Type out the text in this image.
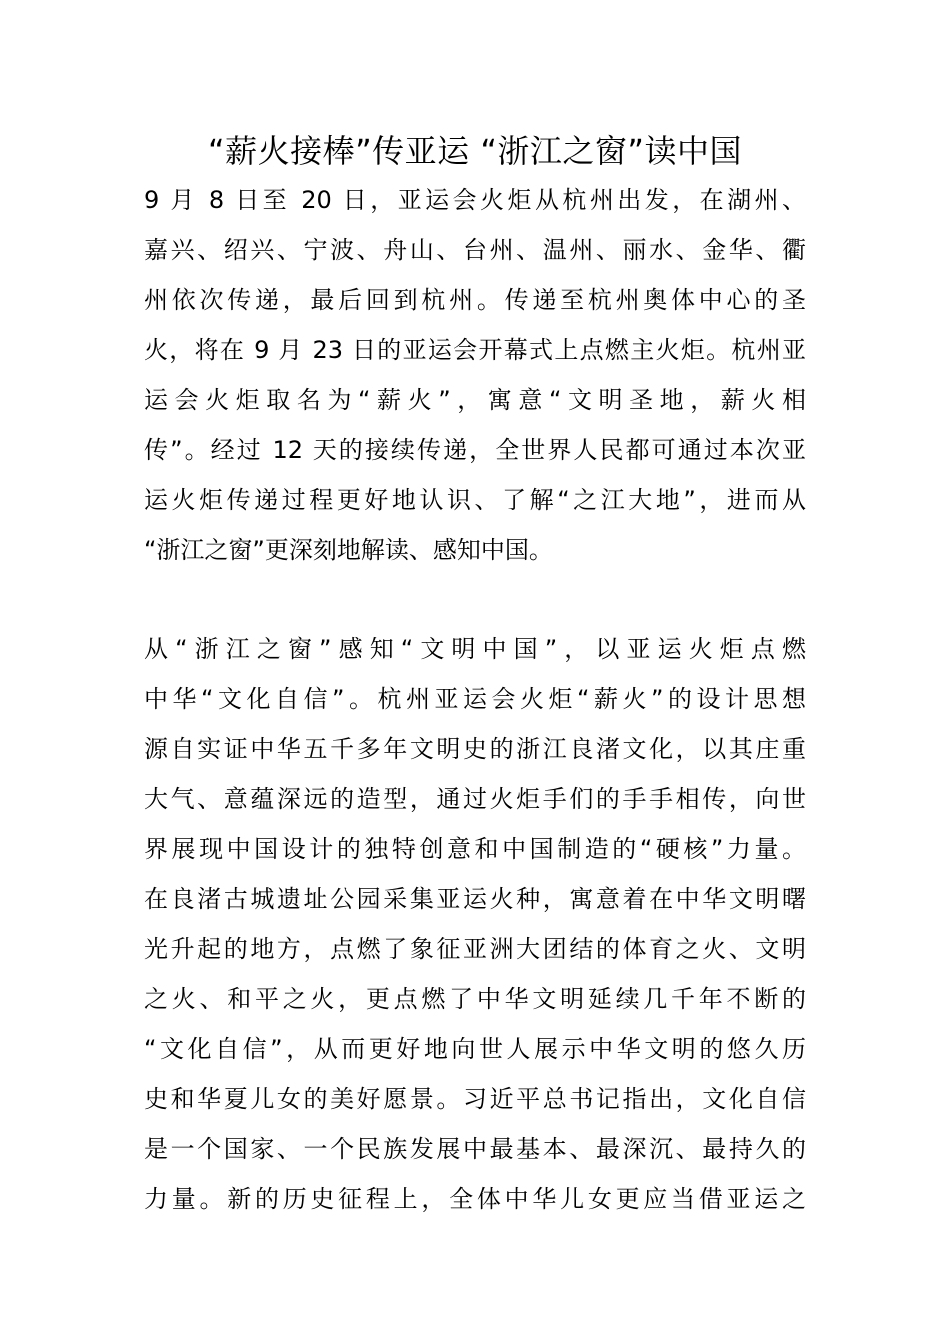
“薪火接棒”传亚运 “浙江之窗”读中国
9 月 8 日至 20 日，亚运会火炬从杭州出发，在湖州、
嘉兴、绍兴、宁波、舟山、台州、温州、丽水、金华、衢
州依次传递，最后回到杭州。传递至杭州奥体中心的圣
火，将在 9 月 23 日的亚运会开幕式上点燃主火炬。杭州亚
运会火炬取名为“薪火”，寓意“文明圣地，薪火相
传”。经过 12 天的接续传递，全世界人民都可通过本次亚
运火炬传递过程更好地认识、了解“之江大地”，进而从
“浙江之窗”更深刻地解读、感知中国。
从“浙江之窗”感知“文明中国”，以亚运火炬点燃
中华“文化自信”。杭州亚运会火炬“薪火”的设计思想
源自实证中华五千多年文明史的浙江良渚文化，以其庄重
大气、意蕴深远的造型，通过火炬手们的手手相传，向世
界展现中国设计的独特创意和中国制造的“硬核”力量。
在良渚古城遗址公园采集亚运火种，寓意着在中华文明曙
光升起的地方，点燃了象征亚洲大团结的体育之火、文明
之火、和平之火，更点燃了中华文明延续几千年不断的
“文化自信”，从而更好地向世人展示中华文明的悠久历
史和华夏儿女的美好愿景。习近平总书记指出，文化自信
是一个国家、一个民族发展中最基本、最深沉、最持久的
力量。新的历史征程上，全体中华儿女更应当借亚运之
